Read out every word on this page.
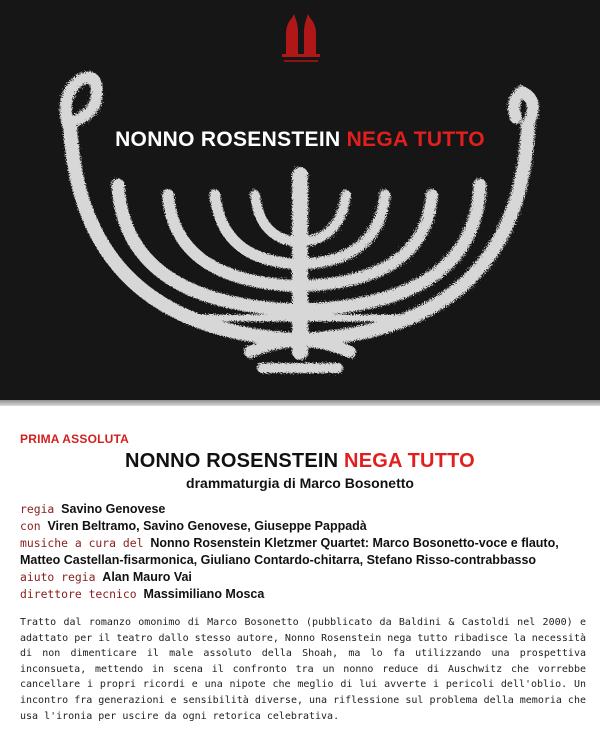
NONNO ROSENSTEIN NEGA TUTTO
PRIMA ASSOLUTA
NONNO ROSENSTEIN NEGA TUTTO
drammaturgia di Marco Bosonetto
regia Savino Genovese
con Viren Beltramo, Savino Genovese, Giuseppe Pappadà
musiche a cura del Nonno Rosenstein Kletzmer Quartet: Marco Bosonetto-voce e flauto,
Matteo Castellan-fisarmonica, Giuliano Contardo-chitarra, Stefano Risso-contrabbasso
aiuto regia Alan Mauro Vai
direttore tecnico Massimiliano Mosca
Tratto dal romanzo omonimo di Marco Bosonetto (pubblicato da Baldini & Castoldi nel 2000) e adattato per il teatro dallo stesso autore, Nonno Rosenstein nega tutto ribadisce la necessità di non dimenticare il male assoluto della Shoah, ma lo fa utilizzando una prospettiva inconsueta, mettendo in scena il confronto tra un nonno reduce di Auschwitz che vorrebbe cancellare i propri ricordi e una nipote che meglio di lui avverte i pericoli dell'oblio. Un incontro fra generazioni e sensibilità diverse, una riflessione sul problema della memoria che usa l'ironia per uscire da ogni retorica celebrativa.
